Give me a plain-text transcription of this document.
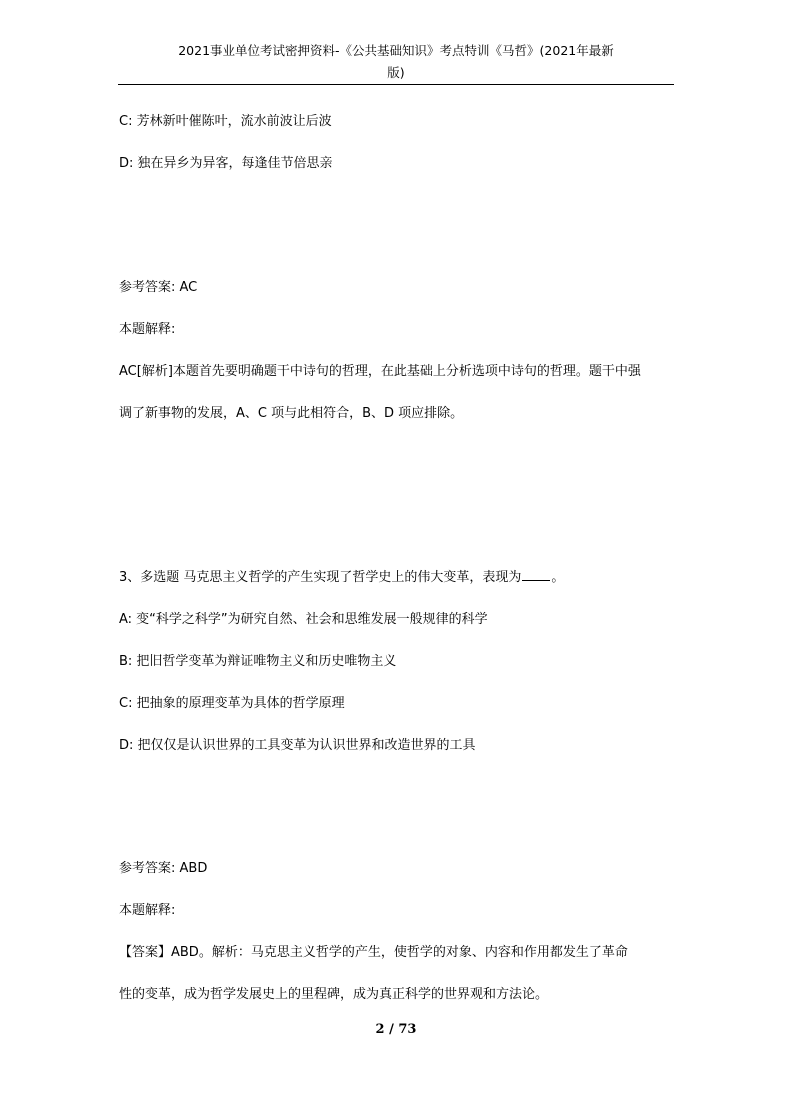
2021事业单位考试密押资料-《公共基础知识》考点特训《马哲》(2021年最新
版)
C: 芳林新叶催陈叶，流水前波让后波
D: 独在异乡为异客，每逢佳节倍思亲
参考答案: AC
本题解释:
AC[解析]本题首先要明确题干中诗句的哲理，在此基础上分析选项中诗句的哲理。题干中强
调了新事物的发展，A、C 项与此相符合，B、D 项应排除。
3、多选题 马克思主义哲学的产生实现了哲学史上的伟大变革，表现为 。
A: 变“科学之科学”为研究自然、社会和思维发展一般规律的科学
B: 把旧哲学变革为辩证唯物主义和历史唯物主义
C: 把抽象的原理变革为具体的哲学原理
D: 把仅仅是认识世界的工具变革为认识世界和改造世界的工具
参考答案: ABD
本题解释:
【答案】ABD。解析：马克思主义哲学的产生，使哲学的对象、内容和作用都发生了革命
性的变革，成为哲学发展史上的里程碑，成为真正科学的世界观和方法论。
2 / 73
